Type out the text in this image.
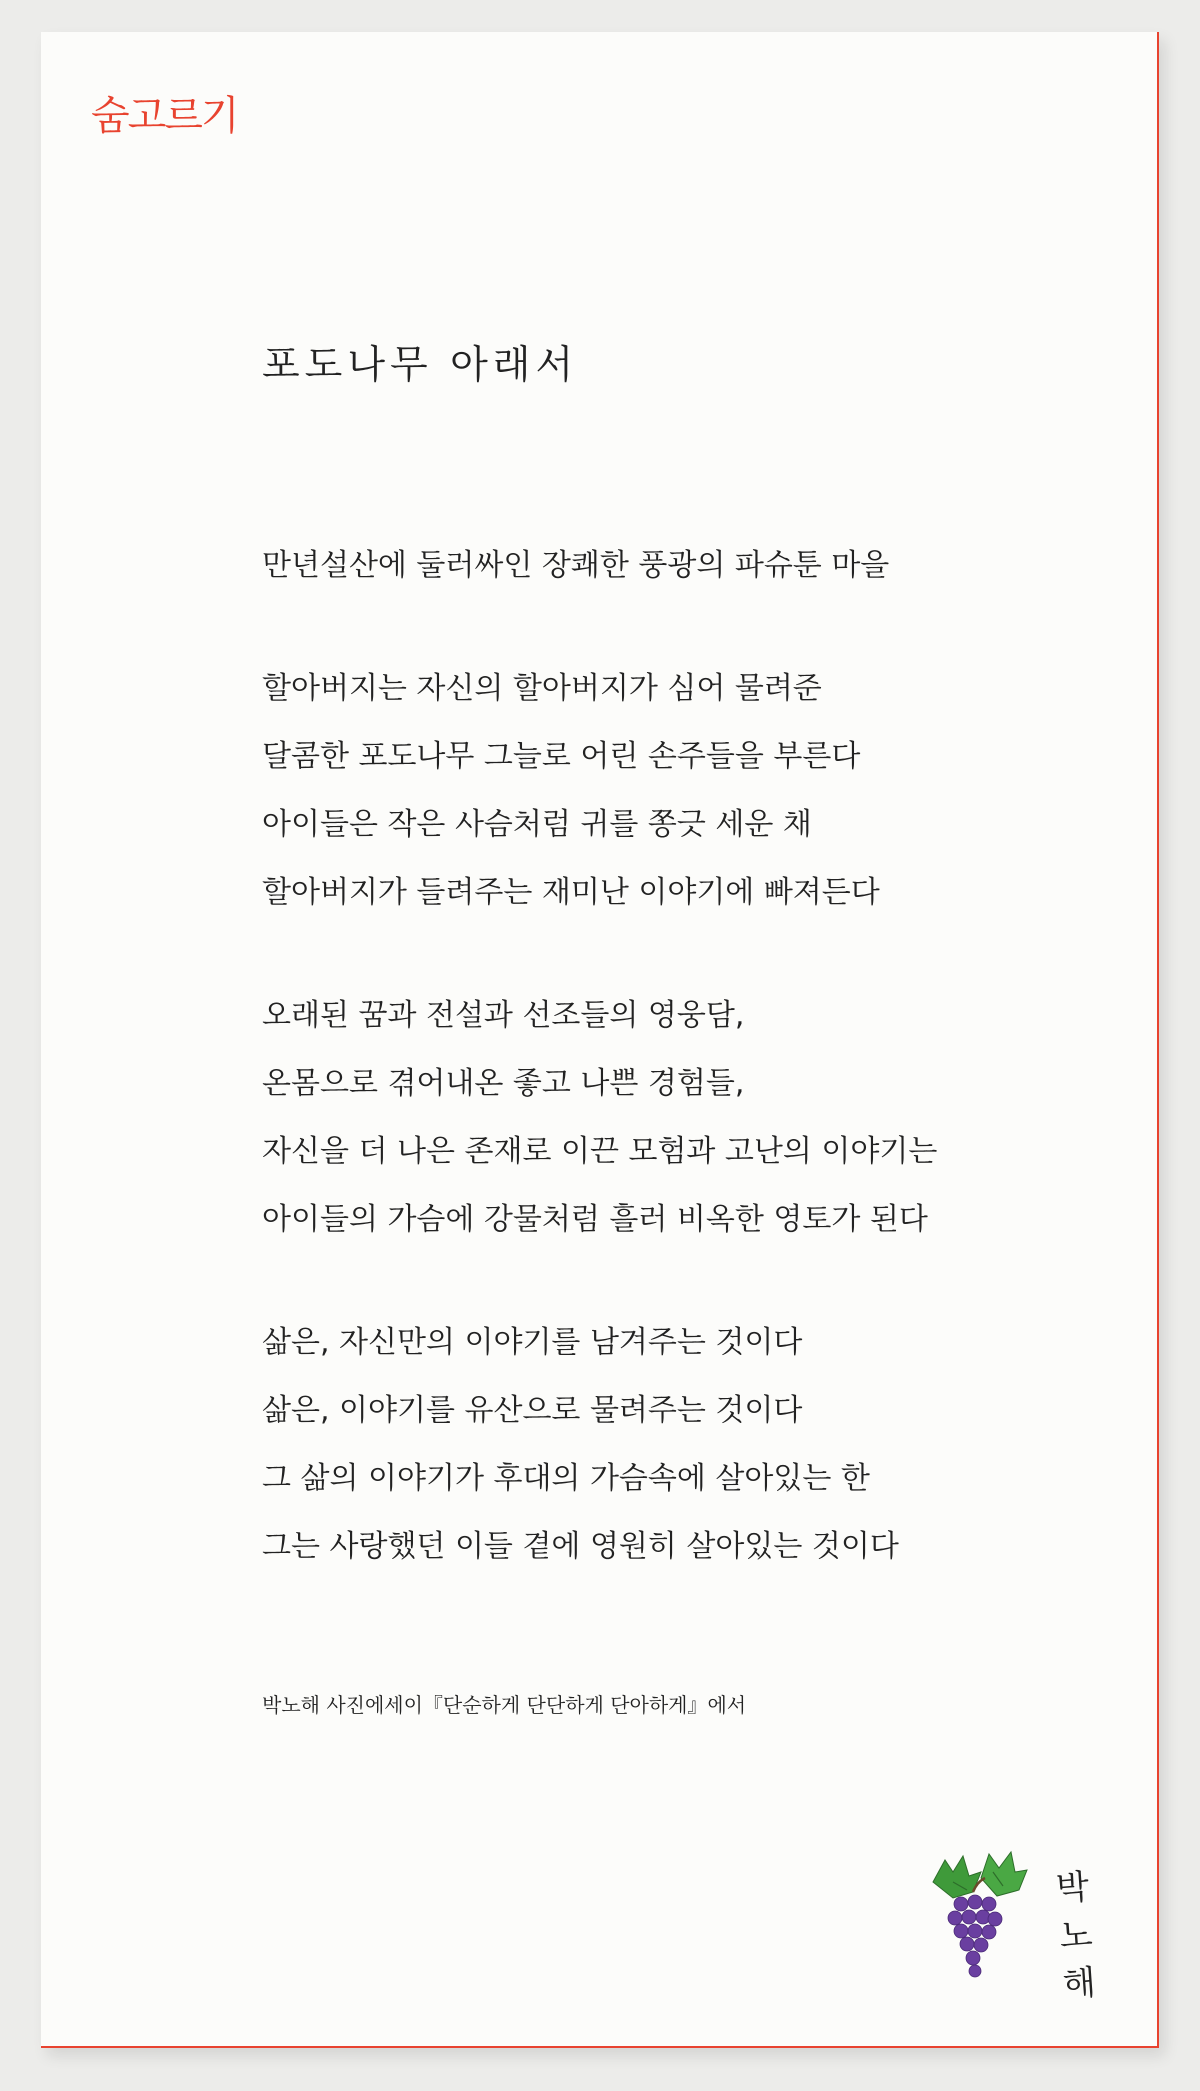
숨고르기
포도나무 아래서
만년설산에 둘러싸인 장쾌한 풍광의 파슈툰 마을
할아버지는 자신의 할아버지가 심어 물려준
달콤한 포도나무 그늘로 어린 손주들을 부른다
아이들은 작은 사슴처럼 귀를 쫑긋 세운 채
할아버지가 들려주는 재미난 이야기에 빠져든다
오래된 꿈과 전설과 선조들의 영웅담,
온몸으로 겪어내온 좋고 나쁜 경험들,
자신을 더 나은 존재로 이끈 모험과 고난의 이야기는
아이들의 가슴에 강물처럼 흘러 비옥한 영토가 된다
삶은, 자신만의 이야기를 남겨주는 것이다
삶은, 이야기를 유산으로 물려주는 것이다
그 삶의 이야기가 후대의 가슴속에 살아있는 한
그는 사랑했던 이들 곁에 영원히 살아있는 것이다
박노해 사진에세이『단순하게 단단하게 단아하게』에서
박
노
해
